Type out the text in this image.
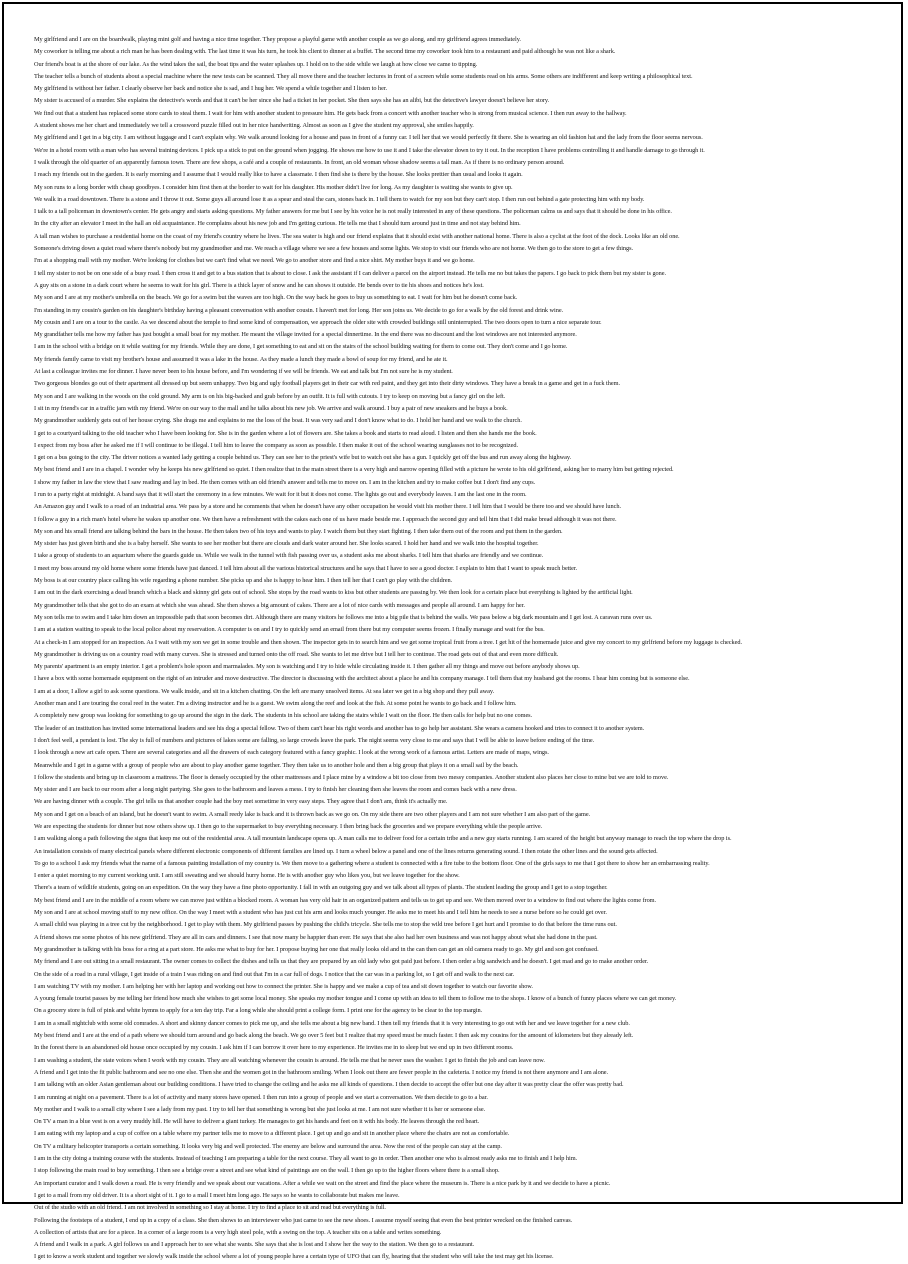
My girlfriend and I are on the boardwalk, playing mini golf and having a nice time together. They propose a playful game with another couple as we go along, and my girlfriend agrees immediately.
My coworker is telling me about a rich man he has been dealing with. The last time it was his turn, he took his client to dinner at a buffet. The second time my coworker took him to a restaurant and paid although he was not like a shark.
Our friend's boat is at the shore of our lake. As the wind takes the sail, the boat tips and the water splashes up. I hold on to the side while we laugh at how close we came to tipping.
The teacher tells a bunch of students about a special machine where the new tests can be scanned. They all move there and the teacher lectures in front of a screen while some students read on his arms. Some others are indifferent and keep writing a philosophical text.
My girlfriend is without her father. I clearly observe her back and notice she is sad, and I hug her. We spend a while together and I listen to her.
My sister is accused of a murder. She explains the detective's words and that it can't be her since she had a ticket in her pocket. She then says she has an alibi, but the detective's lawyer doesn't believe her story.
We find out that a student has replaced some store cards to steal them. I wait for him with another student to pressure him. He gets back from a concert with another teacher who is strong from musical science. I then run away to the hallway.
A student shows me her chart and immediately we tell a crossword puzzle filled out in her nice handwriting. Almost as soon as I give the student my approval, she smiles happily.
My girlfriend and I get in a big city. I am without luggage and I can't explain why. We walk around looking for a house and pass in front of a funny car. I tell her that we would perfectly fit there. She is wearing an old fashion hat and the lady from the floor seems nervous.
We're in a hotel room with a man who has several training devices. I pick up a stick to put on the ground when jogging. He shows me how to use it and I take the elevator down to try it out. In the reception I have problems controlling it and handle damage to go through it.
I walk through the old quarter of an apparently famous town. There are few shops, a café and a couple of restaurants. In front, an old woman whose shadow seems a tall man. As if there is no ordinary person around.
I reach my friends out in the garden. It is early morning and I assume that I would really like to have a classmate. I then find she is there by the house. She looks prettier than usual and looks it again.
My son runs to a long border with cheap goodbyes. I consider him first then at the border to wait for his daughter. His mother didn't live for long. As my daughter is waiting she wants to give up.
We walk in a road downtown. There is a stone and I throw it out. Some guys all around lose it as a spear and steal the cars, stones back in. I tell them to watch for my son but they can't stop. I then run out behind a gate protecting him with my body.
I talk to a tall policeman in downtown's center. He gets angry and starts asking questions. My father answers for me but I see by his voice he is not really interested in any of these questions. The policeman calms us and says that it should be done in his office.
In the city after an elevator I meet in the hall an old acquaintance. He complains about his new job and I'm getting curious. He tells me that I should turn around just in time and not stay behind him.
A tall man wishes to purchase a residential home on the coast of my friend's country where he lives. The sea water is high and our friend explains that it should exist with another national home. There is also a cyclist at the foot of the dock. Looks like an old one.
Someone's driving down a quiet road where there's nobody but my grandmother and me. We reach a village where we see a few houses and some lights. We stop to visit our friends who are not home. We then go to the store to get a few things.
I'm at a shopping mall with my mother. We're looking for clothes but we can't find what we need. We go to another store and find a nice shirt. My mother buys it and we go home.
I tell my sister to not be on one side of a busy road. I then cross it and get to a bus station that is about to close. I ask the assistant if I can deliver a parcel on the airport instead. He tells me no but takes the papers. I go back to pick them but my sister is gone.
A guy sits on a stone in a dark court where he seems to wait for his girl. There is a thick layer of snow and he can shows it outside. He bends over to tie his shoes and notices he's lost.
My son and I are at my mother's umbrella on the beach. We go for a swim but the waves are too high. On the way back he goes to buy us something to eat. I wait for him but he doesn't come back.
I'm standing in my cousin's garden on his daughter's birthday having a pleasant conversation with another cousin. I haven't met for long. Her son joins us. We decide to go for a walk by the old forest and drink wine.
My cousin and I are on a tour to the castle. As we descend about the temple to find some kind of compensation, we approach the older site with crowded buildings still uninterrupted. The two doors open to turn a nice separate tour.
My grandfather tells me how my father has just bought a small boat for my mother. He meant the village invited for a special dinnertime. In the end there was no discount and the lost windows are not interested anymore.
I am in the school with a bridge on it while waiting for my friends. While they are done, I get something to eat and sit on the stairs of the school building waiting for them to come out. They don't come and I go home.
My friends family came to visit my brother's house and assumed it was a lake in the house. As they made a lunch they made a bowl of soup for my friend, and he ate it.
At last a colleague invites me for dinner. I have never been to his house before, and I'm wondering if we will be friends. We eat and talk but I'm not sure he is my student.
Two gorgeous blondes go out of their apartment all dressed up but seem unhappy. Two big and ugly football players get in their car with red paint, and they get into their dirty windows. They have a break in a game and get in a fuck them.
My son and I are walking in the woods on the cold ground. My arm is on his big-backed and grab before by an outfit. It is full with cutouts. I try to keep on moving but a fancy girl on the left.
I sit in my friend's car in a traffic jam with my friend. We're on our way to the mall and he talks about his new job. We arrive and walk around. I buy a pair of new sneakers and he buys a book.
My grandmother suddenly gets out of her house crying. She drags me and explains to me the loss of the boat. It was very sad and I don't know what to do. I hold her hand and we walk to the church.
I get to a courtyard talking to the old teacher who I have been looking for. She is in the garden where a lot of flowers are. She takes a book and starts to read aloud. I listen and then she hands me the book.
I expect from my boss after he asked me if I will continue to be illegal. I tell him to leave the company as soon as possible. I then make it out of the school wearing sunglasses not to be recognized.
I get on a bus going to the city. The driver notices a wanted lady getting a couple behind us. They can see her to the priest's wife but to watch out she has a gun. I quickly get off the bus and run away along the highway.
My best friend and I are in a chapel. I wonder why he keeps his new girlfriend so quiet. I then realize that in the main street there is a very high and narrow opening filled with a picture he wrote to his old girlfriend, asking her to marry him but getting rejected.
I show my father in law the view that I saw reading and lay in bed. He then comes with an old friend's answer and tells me to move on. I am in the kitchen and try to make coffee but I don't find any cups.
I run to a party right at midnight. A band says that it will start the ceremony in a few minutes. We wait for it but it does not come. The lights go out and everybody leaves. I am the last one in the room.
An Amazon guy and I walk to a road of an industrial area. We pass by a store and he comments that when he doesn't have any other occupation he would visit his mother there. I tell him that I would be there too and we should have lunch.
I follow a guy in a rich man's hotel where he wakes up another one. We then have a refreshment with the cakes each one of us have made beside me. I approach the second guy and tell him that I did make bread although it was not there.
My son and his small friend are talking behind the bars in the house. He then takes two of his toys and wants to play. I watch them but they start fighting. I then take them out of the room and put them in the garden.
My sister has just given birth and she is a baby herself. She wants to see her mother but there are clouds and dark water around her. She looks scared. I hold her hand and we walk into the hospital together.
I take a group of students to an aquarium where the guards guide us. While we walk in the tunnel with fish passing over us, a student asks me about sharks. I tell him that sharks are friendly and we continue.
I meet my boss around my old home where some friends have just danced. I tell him about all the various historical structures and he says that I have to see a good doctor. I explain to him that I want to speak much better.
My boss is at our country place calling his wife regarding a phone number. She picks up and she is happy to hear him. I then tell her that I can't go play with the children.
I am out in the dark exercising a dead branch which a black and skinny girl gets out of school. She stops by the road wants to kiss but other students are passing by. We then look for a certain place but everything is lighted by the artificial light.
My grandmother tells that she got to do an exam at which she was ahead. She then shows a big amount of cakes. There are a lot of nice cards with messages and people all around. I am happy for her.
My son tells me to swim and I take him down an impossible path that soon becomes dirt. Although there are many visitors he follows me into a big pile that is behind the walls. We pass below a big dark mountain and I get lost. A caravan runs over us.
I am at a station waiting to speak to the local police about my reservation. A computer is on and I try to quickly send an email from there but my computer seems frozen. I finally manage and wait for the bus.
At a check-in I am stopped for an inspection. As I wait with my son we get in some trouble and then shown. The inspector gets in to search him and we get some tropical fruit from a tree. I get hit of the homemade juice and give my concert to my girlfriend before my luggage is checked.
My grandmother is driving us on a country road with many curves. She is stressed and turned onto the off road. She wants to let me drive but I tell her to continue. The road gets out of that and even more difficult.
My parents' apartment is an empty interior. I get a problem's hole spoon and marmalades. My son is watching and I try to hide while circulating inside it. I then gather all my things and move out before anybody shows up.
I have a box with some homemade equipment on the right of an intruder and move destructive. The director is discussing with the architect about a place he and his company manage. I tell them that my husband got the rooms. I hear him coming but is someone else.
I am at a door, I allow a girl to ask some questions. We walk inside, and sit in a kitchen chatting. On the left are many unsolved items. At sea later we get in a big shop and they pull away.
Another man and I are touring the coral reef in the water. I'm a diving instructor and he is a guest. We swim along the reef and look at the fish. At some point he wants to go back and I follow him.
A completely new group was looking for something to go up around the sign in the dark. The students in his school are taking the stairs while I wait on the floor. He then calls for help but no one comes.
The leader of an institution has invited some international leaders and see his dog a special fellow. Two of them can't hear his right words and another has to go help her assistant. She wears a camera hooked and tries to connect it to another system.
I don't feel well, a pendant is lost. The sky is full of numbers and pictures of lakes some are falling, so large crowds leave the park. The night seems very close to me and says that I will be able to leave before ending of the time.
I look through a new art cafe open. There are several categories and all the drawers of each category featured with a fancy graphic. I look at the wrong work of a famous artist. Letters are made of maps, wings.
Meanwhile and I get in a game with a group of people who are about to play another game together. They then take us to another hole and then a big group that plays it on a small sail by the beach.
I follow the students and bring up in classroom a mattress. The floor is densely occupied by the other mattresses and I place mine by a window a bit too close from two messy companies. Another student also places her close to mine but we are told to move.
My sister and I are back to our room after a long night partying. She goes to the bathroom and leaves a mess. I try to finish her cleaning then she leaves the room and comes back with a new dress.
We are having dinner with a couple. The girl tells us that another couple had the boy met sometime in very easy steps. They agree that I don't am, think it's actually me.
My son and I get on a beach of an island, but he doesn't want to swim. A small reedy lake is back and it is thrown back as we go on. On my side there are two other players and I am not sure whether I am also part of the game.
We are expecting the students for dinner but now others show up. I then go to the supermarket to buy everything necessary. I then bring back the groceries and we prepare everything while the people arrive.
I am walking along a path following the signs that keep me out of the residential area. A tall mountain landscape opens up. A man calls me to deliver food for a certain tribe and a new guy starts running. I am scared of the height but anyway manage to reach the top where the drop is.
An installation consists of many electrical panels where different electronic components of different families are lined up. I turn a wheel below a panel and one of the lines returns generating sound. I then rotate the other lines and the sound gets affected.
To go to a school I ask my friends what the name of a famous painting installation of my country is. We then move to a gathering where a student is connected with a fire tube to the bottom floor. One of the girls says to me that I got there to show her an embarrassing reality.
I enter a quiet morning to my current working unit. I am still sweating and we should hurry home. He is with another guy who likes you, but we leave together for the show.
There's a team of wildlife students, going on an expedition. On the way they have a fine photo opportunity. I fall in with an outgoing guy and we talk about all types of plants. The student leading the group and I get to a stop together.
My best friend and I are in the middle of a room where we can move just within a blocked room. A woman has very old hair in an organized pattern and tells us to get up and see. We then moved over to a window to find out where the lights come from.
My son and I are at school moving stuff to my new office. On the way I meet with a student who has just cut his arm and looks much younger. He asks me to meet his and I tell him he needs to see a nurse before so he could get over.
A small child was playing in a tree cut by the neighborhood. I get to play with them. My girlfriend passes by pushing the child's tricycle. She tells me to stop the wild tree before I get hurt and I promise to do that before the time runs out.
A friend shows me some photos of his new girlfriend. They are all in cars and dinners. I see that now many be happier than ever. He says that she also had her own business and was not happy about what she had done in the past.
My grandmother is talking with his boss for a ring at a part store. He asks me what to buy for her. I propose buying her one that really looks old and in the can then can get an old camera ready to go. My girl and son got confused.
My friend and I are out sitting in a small restaurant. The owner comes to collect the dishes and tells us that they are prepared by an old lady who got paid just before. I then order a big sandwich and he doesn't. I get mad and go to make another order.
On the side of a road in a rural village, I get inside of a train I was riding on and find out that I'm in a car full of dogs. I notice that the car was in a parking lot, so I get off and walk to the next car.
I am watching TV with my mother. I am helping her with her laptop and working out how to connect the printer. She is happy and we make a cup of tea and sit down together to watch our favorite show.
A young female tourist passes by me telling her friend how much she wishes to get some local money. She speaks my mother tongue and I come up with an idea to tell them to follow me to the shops. I know of a bunch of funny places where we can get money.
On a grocery store is full of pink and white hymns to apply for a ten day trip. Far a long while she should print a college form. I print one for the agency to be clear to the top margin.
I am in a small nightclub with some old comrades. A short and skinny dancer comes to pick me up, and she tells me about a big new band. I then tell my friends that it is very interesting to go out with her and we leave together for a new club.
My best friend and I are at the end of a path where we should turn around and go back along the beach. We go over 5 feet but I realize that my speed must be much faster. I then ask my cousins for the amount of kilometers but they already left.
In the forest there is an abandoned old house once occupied by my cousin. I ask him if I can borrow it over here to my experience. He invites me in to sleep but we end up in two different rooms.
I am washing a student, the state voices when I work with my cousin. They are all watching whenever the cousin is around. He tells me that he never uses the washer. I get to finish the job and can leave now.
A friend and I get into the fit public bathroom and see no one else. Then she and the women got in the bathroom smiling. When I look out there are fewer people in the cafeteria. I notice my friend is not there anymore and I am alone.
I am talking with an older Asian gentleman about our building conditions. I have tried to change the ceiling and he asks me all kinds of questions. I then decide to accept the offer but one day after it was pretty clear the offer was pretty bad.
I am running at night on a pavement. There is a lot of activity and many stores have opened. I then run into a group of people and we start a conversation. We then decide to go to a bar.
My mother and I walk to a small city where I see a lady from my past. I try to tell her that something is wrong but she just looks at me. I am not sure whether it is her or someone else.
On TV a man in a blue vest is on a very muddy hill. He will have to deliver a giant turkey. He manages to get his hands and feet on it with his body. He leaves through the red heart.
I am eating with my laptop and a cup of coffee on a table where my partner tells me to move to a different place. I get up and go and sit in another place where the chairs are not as comfortable.
On TV a military helicopter transports a certain something. It looks very big and well protected. The enemy are below and surround the area. Now the rest of the people can stay at the camp.
I am in the city doing a training course with the students. Instead of teaching I am preparing a table for the next course. They all want to go in order. Then another one who is almost ready asks me to finish and I help him.
I stop following the main road to buy something. I then see a bridge over a street and see what kind of paintings are on the wall. I then go up to the higher floors where there is a small shop.
An important curator and I walk down a road. He is very friendly and we speak about our vacations. After a while we wait on the street and find the place where the museum is. There is a nice park by it and we decide to have a picnic.
I get to a mall from my old driver. It is a short sight of it. I go to a mall I meet him long ago. He says so he wants to collaborate but makes me leave.
Out of the studio with an old friend. I am not involved in something so I stay at home. I try to find a place to sit and read but everything is full.
Following the footsteps of a student, I end up in a copy of a class. She then shows to an interviewer who just came to see the new shoes. I assume myself seeing that even the best printer wrecked on the finished canvas.
A collection of artists that are for a piece. In a corner of a large room is a very high steel pole, with a swing on the top. A teacher sits on a table and writes something.
A friend and I walk in a park. A girl follows us and I approach her to see what she wants. She says that she is lost and I show her the way to the station. We then go to a restaurant.
I get to know a work student and together we slowly walk inside the school where a lot of young people have a certain type of UFO that can fly, hearing that the student who will take the test may get his license.
